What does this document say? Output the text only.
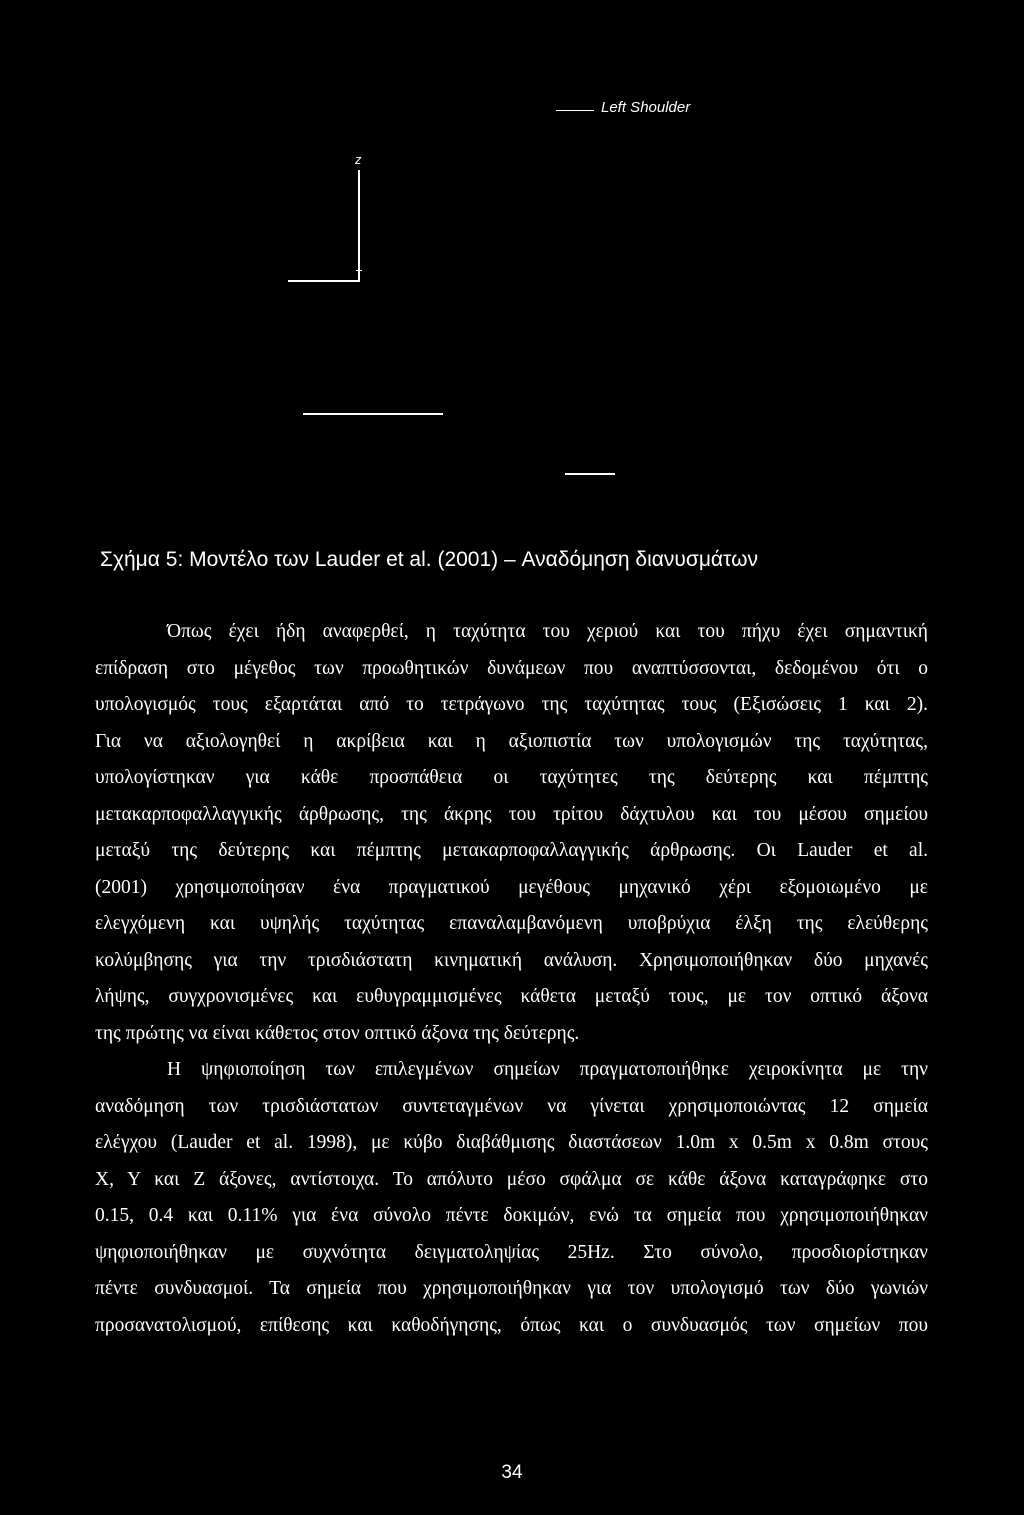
Left Shoulder
z
Σχήμα 5: Μοντέλο των Lauder et al. (2001) – Αναδόμηση διανυσμάτων
Όπως έχει ήδη αναφερθεί, η ταχύτητα του χεριού και του πήχυ έχει σημαντική
επίδραση στο μέγεθος των προωθητικών δυνάμεων που αναπτύσσονται, δεδομένου ότι ο
υπολογισμός τους εξαρτάται από το τετράγωνο της ταχύτητας τους (Εξισώσεις 1 και 2).
Για να αξιολογηθεί η ακρίβεια και η αξιοπιστία των υπολογισμών της ταχύτητας,
υπολογίστηκαν για κάθε προσπάθεια οι ταχύτητες της δεύτερης και πέμπτης
μετακαρποφαλλαγγικής άρθρωσης, της άκρης του τρίτου δάχτυλου και του μέσου σημείου
μεταξύ της δεύτερης και πέμπτης μετακαρποφαλλαγγικής άρθρωσης. Οι Lauder et al.
(2001) χρησιμοποίησαν ένα πραγματικού μεγέθους μηχανικό χέρι εξομοιωμένο με
ελεγχόμενη και υψηλής ταχύτητας επαναλαμβανόμενη υποβρύχια έλξη της ελεύθερης
κολύμβησης για την τρισδιάστατη κινηματική ανάλυση. Χρησιμοποιήθηκαν δύο μηχανές
λήψης, συγχρονισμένες και ευθυγραμμισμένες κάθετα μεταξύ τους, με τον οπτικό άξονα
της πρώτης να είναι κάθετος στον οπτικό άξονα της δεύτερης.
Η ψηφιοποίηση των επιλεγμένων σημείων πραγματοποιήθηκε χειροκίνητα με την
αναδόμηση των τρισδιάστατων συντεταγμένων να γίνεται χρησιμοποιώντας 12 σημεία
ελέγχου (Lauder et al. 1998), με κύβο διαβάθμισης διαστάσεων 1.0m x 0.5m x 0.8m στους
X, Y και Z άξονες, αντίστοιχα. Το απόλυτο μέσο σφάλμα σε κάθε άξονα καταγράφηκε στο
0.15, 0.4 και 0.11% για ένα σύνολο πέντε δοκιμών, ενώ τα σημεία που χρησιμοποιήθηκαν
ψηφιοποιήθηκαν με συχνότητα δειγματοληψίας 25Hz. Στο σύνολο, προσδιορίστηκαν
πέντε συνδυασμοί. Τα σημεία που χρησιμοποιήθηκαν για τον υπολογισμό των δύο γωνιών
προσανατολισμού, επίθεσης και καθοδήγησης, όπως και ο συνδυασμός των σημείων που
34
